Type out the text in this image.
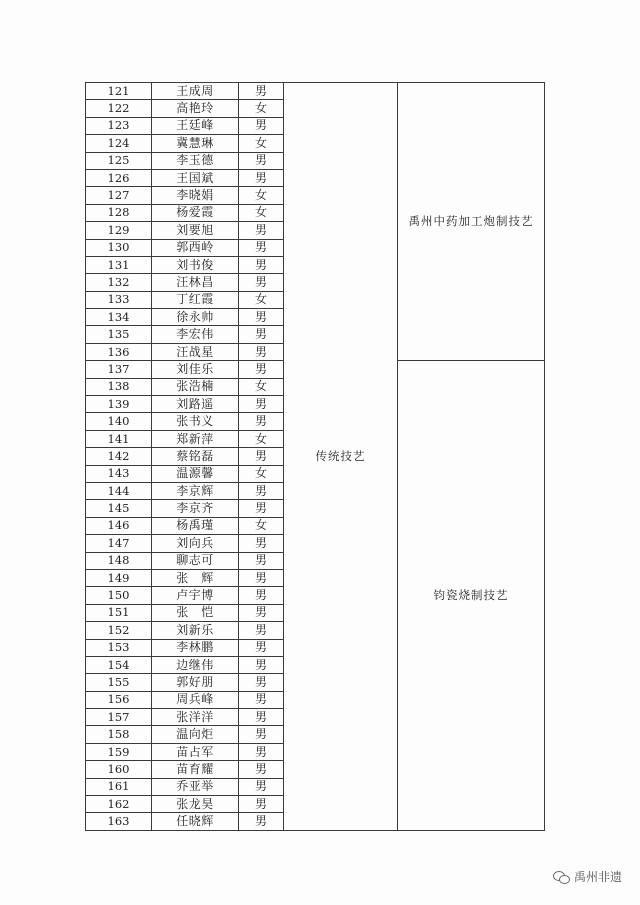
121	王成周	男	传统技艺	禹州中药加工炮制技艺
122	高艳玲	女		
123	王廷峰	男		
124	冀慧琳	女		
125	李玉德	男		
126	王国斌	男		
127	李晓娟	女		
128	杨爱霞	女		
129	刘要旭	男		
130	郭西岭	男		
131	刘书俊	男		
132	汪林昌	男		
133	丁红霞	女		
134	徐永帅	男		
135	李宏伟	男		
136	汪战星	男		
137	刘佳乐	男		钧瓷烧制技艺
138	张浩楠	女		
139	刘路遥	男		
140	张书义	男		
141	郑新萍	女		
142	蔡铭磊	男		
143	温源馨	女		
144	李京辉	男		
145	李京齐	男		
146	杨禹瑾	女		
147	刘向兵	男		
148	聊志可	男		
149	张　辉	男		
150	卢宇博	男		
151	张　恺	男		
152	刘新乐	男		
153	李林鹏	男		
154	边继伟	男		
155	郭好朋	男		
156	周兵峰	男		
157	张洋洋	男		
158	温向炬	男		
159	苗占军	男		
160	苗育耀	男		
161	乔亚举	男		
162	张龙昊	男		
163	任晓辉	男		
禹州非遗
